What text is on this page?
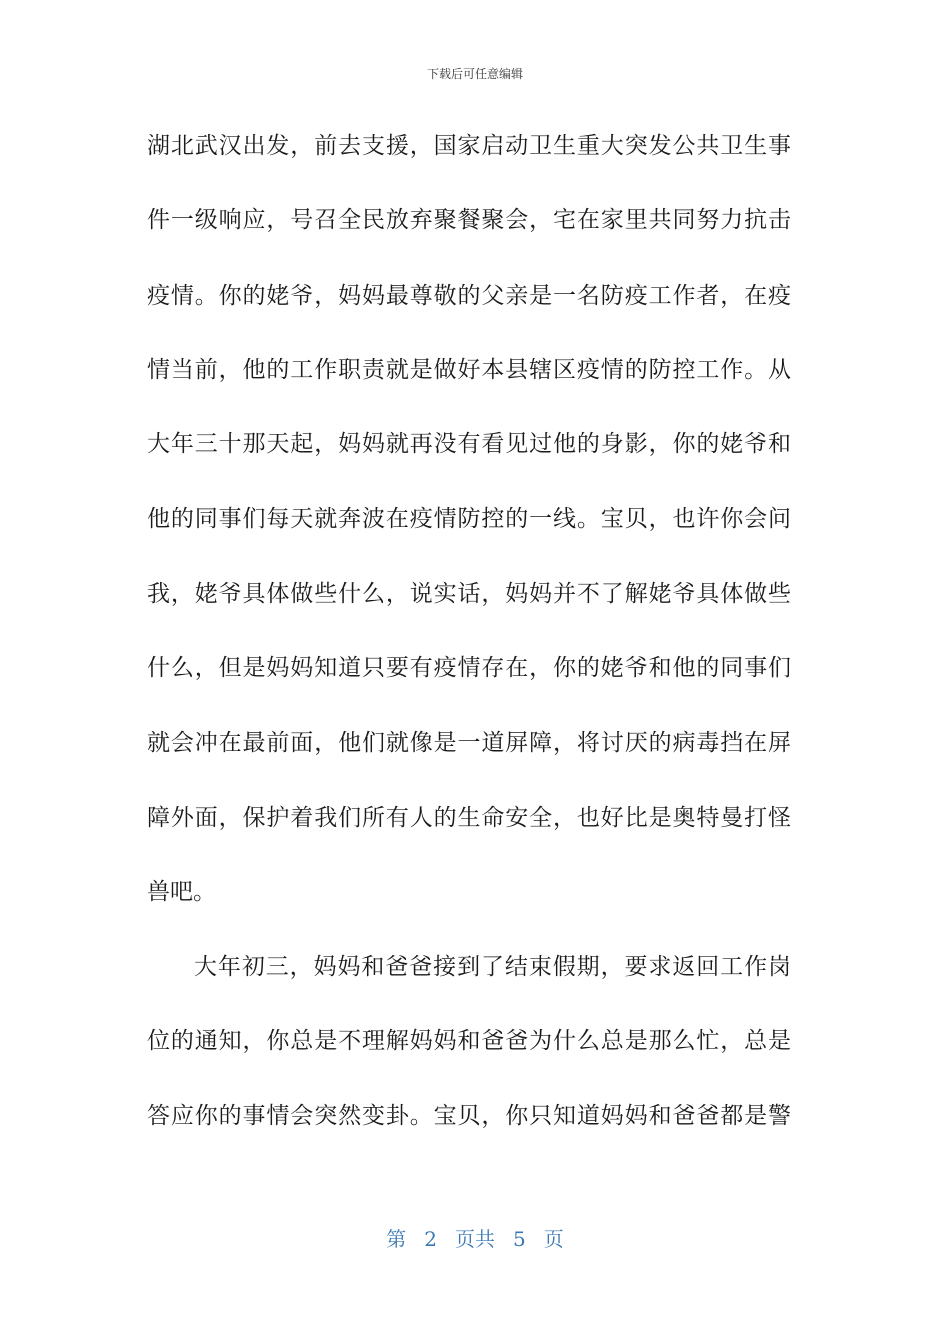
下载后可任意编辑
湖北武汉出发，前去支援，国家启动卫生重大突发公共卫生事
件一级响应，号召全民放弃聚餐聚会，宅在家里共同努力抗击
疫情。你的姥爷，妈妈最尊敬的父亲是一名防疫工作者，在疫
情当前，他的工作职责就是做好本县辖区疫情的防控工作。从
大年三十那天起，妈妈就再没有看见过他的身影，你的姥爷和
他的同事们每天就奔波在疫情防控的一线。宝贝，也许你会问
我，姥爷具体做些什么，说实话，妈妈并不了解姥爷具体做些
什么，但是妈妈知道只要有疫情存在，你的姥爷和他的同事们
就会冲在最前面，他们就像是一道屏障，将讨厌的病毒挡在屏
障外面，保护着我们所有人的生命安全，也好比是奥特曼打怪
兽吧。
大年初三，妈妈和爸爸接到了结束假期，要求返回工作岗
位的通知，你总是不理解妈妈和爸爸为什么总是那么忙，总是
答应你的事情会突然变卦。宝贝，你只知道妈妈和爸爸都是警
第 2 页共 5 页
